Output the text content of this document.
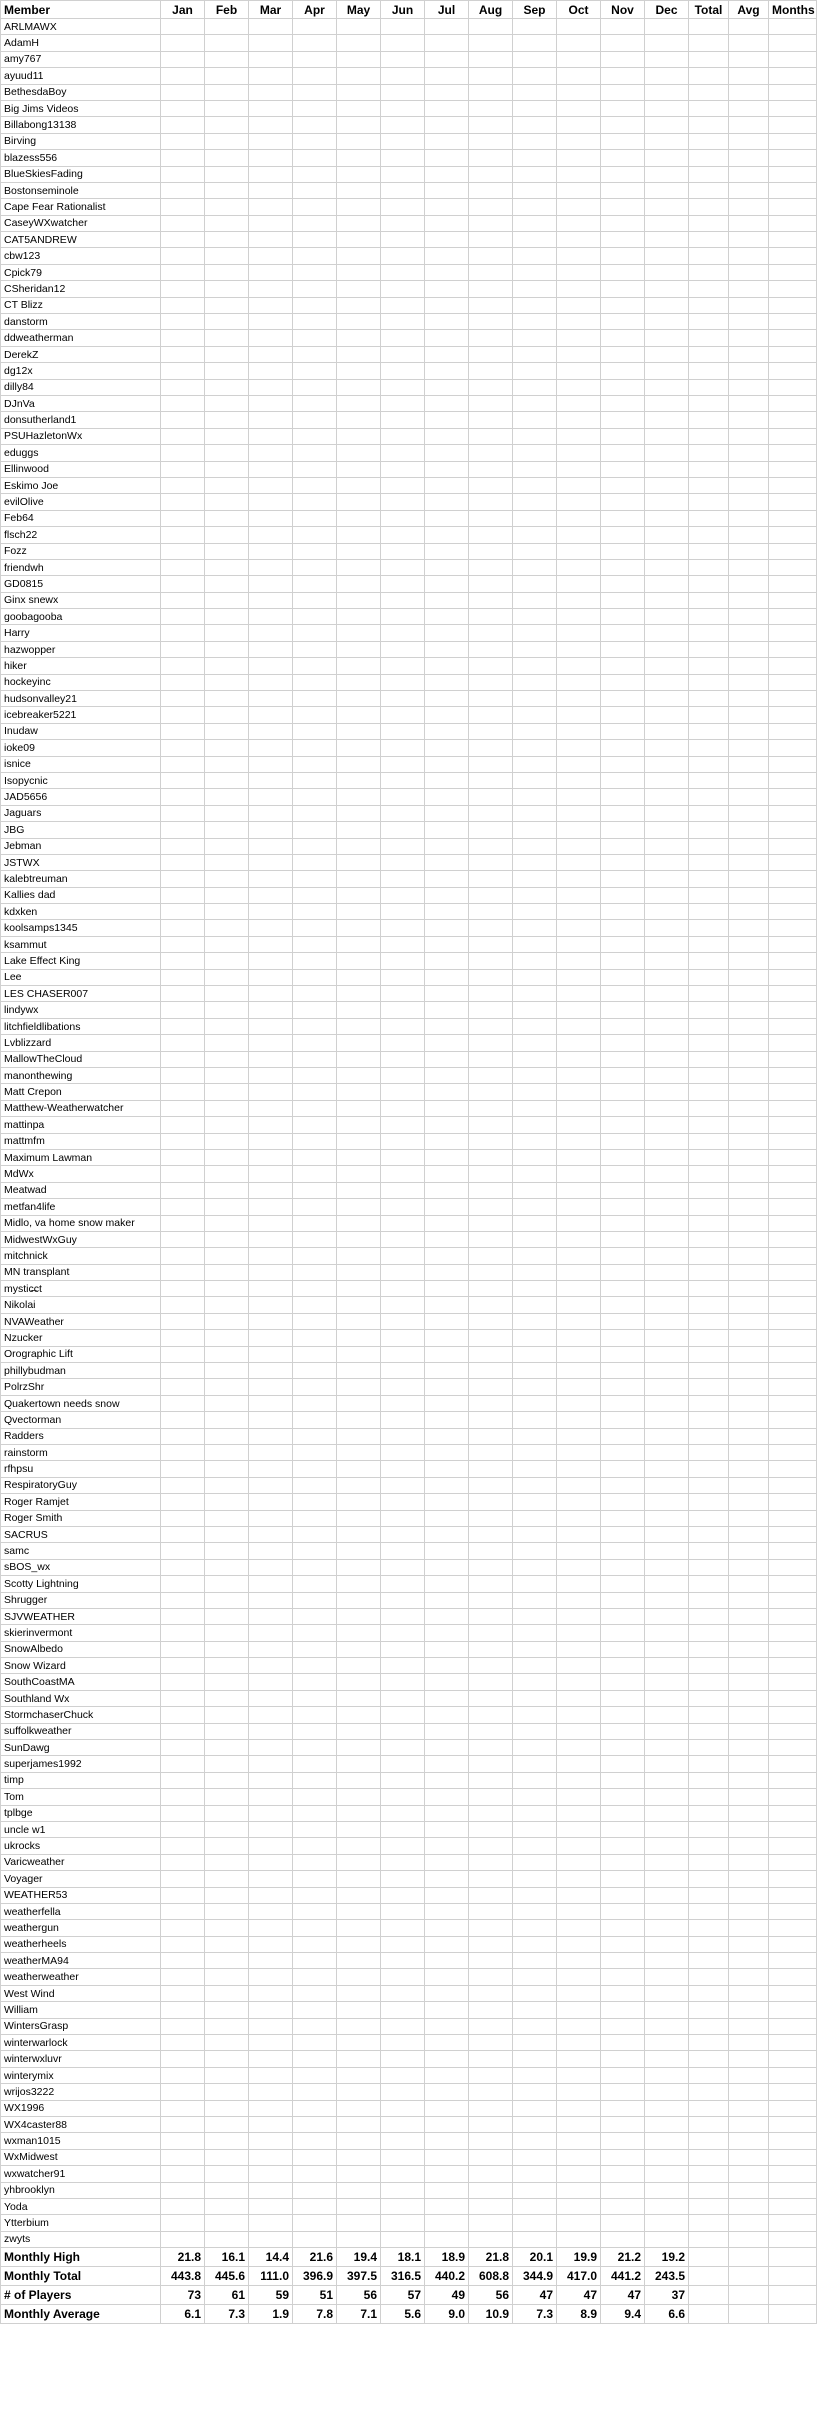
Member	Jan	Feb	Mar	Apr	May	Jun	Jul	Aug	Sep	Oct	Nov	Dec	Total	Avg	Months
ARLMAWX															
AdamH															
amy767															
ayuud11															
BethesdaBoy															
Big Jims Videos															
Billabong13138															
Birving															
blazess556															
BlueSkiesFading															
Bostonseminole															
Cape Fear Rationalist															
CaseyWXwatcher															
CAT5ANDREW															
cbw123															
Cpick79															
CSheridan12															
CT Blizz															
danstorm															
ddweatherman															
DerekZ															
dg12x															
dilly84															
DJnVa															
donsutherland1															
PSUHazletonWx															
eduggs															
Ellinwood															
Eskimo Joe															
evilOlive															
Feb64															
flsch22															
Fozz															
friendwh															
GD0815															
Ginx snewx															
goobagooba															
Harry															
hazwopper															
hiker															
hockeyinc															
hudsonvalley21															
icebreaker5221															
Inudaw															
ioke09															
isnice															
Isopycnic															
JAD5656															
Jaguars															
JBG															
Jebman															
JSTWX															
kalebtreuman															
Kallies dad															
kdxken															
koolsamps1345															
ksammut															
Lake Effect King															
Lee															
LES CHASER007															
lindywx															
litchfieldlibations															
Lvblizzard															
MallowTheCloud															
manonthewing															
Matt Crepon															
Matthew-Weatherwatcher															
mattinpa															
mattmfm															
Maximum Lawman															
MdWx															
Meatwad															
metfan4life															
Midlo, va home snow maker															
MidwestWxGuy															
mitchnick															
MN transplant															
mystic̶ct															
Nikolai															
NVAWeather															
Nzucker															
Orographic Lift															
phillybudman															
PolrzShr															
Quakertown needs snow															
Qvectorman															
Radders															
rainstorm															
rfhpsu															
RespiratoryGuy															
Roger Ramjet															
Roger Smith															
SACRUS															
samc															
sBOS_wx															
Scotty Lightning															
Shrugger															
SJVWEATHER															
skierinvermont															
SnowAlbedo															
Snow Wizard															
SouthCoastMA															
Southland Wx															
StormchaserChuck															
suffolkweather															
SunDawg															
superjames1992															
timp															
Tom															
tplbge															
uncle w1															
ukrocks															
Varicweather															
Voyager															
WEATHER53															
weatherfella															
weathergun															
weatherheels															
weatherMA94															
weatherweather															
West Wind															
William															
WintersGrasp															
winterwarlock															
winterwxluvr															
winterymix															
wrijos3222															
WX1996															
WX4caster88															
wxman1015															
WxMidwest															
wxwatcher91															
yhbrooklyn															
Yoda															
Ytterbium															
zwyts															
Monthly High	21.8	16.1	14.4	21.6	19.4	18.1	18.9	21.8	20.1	19.9	21.2	19.2			
Monthly Total	443.8	445.6	111.0	396.9	397.5	316.5	440.2	608.8	344.9	417.0	441.2	243.5			
# of Players	73	61	59	51	56	57	49	56	47	47	47	37			
Monthly Average	6.1	7.3	1.9	7.8	7.1	5.6	9.0	10.9	7.3	8.9	9.4	6.6			
